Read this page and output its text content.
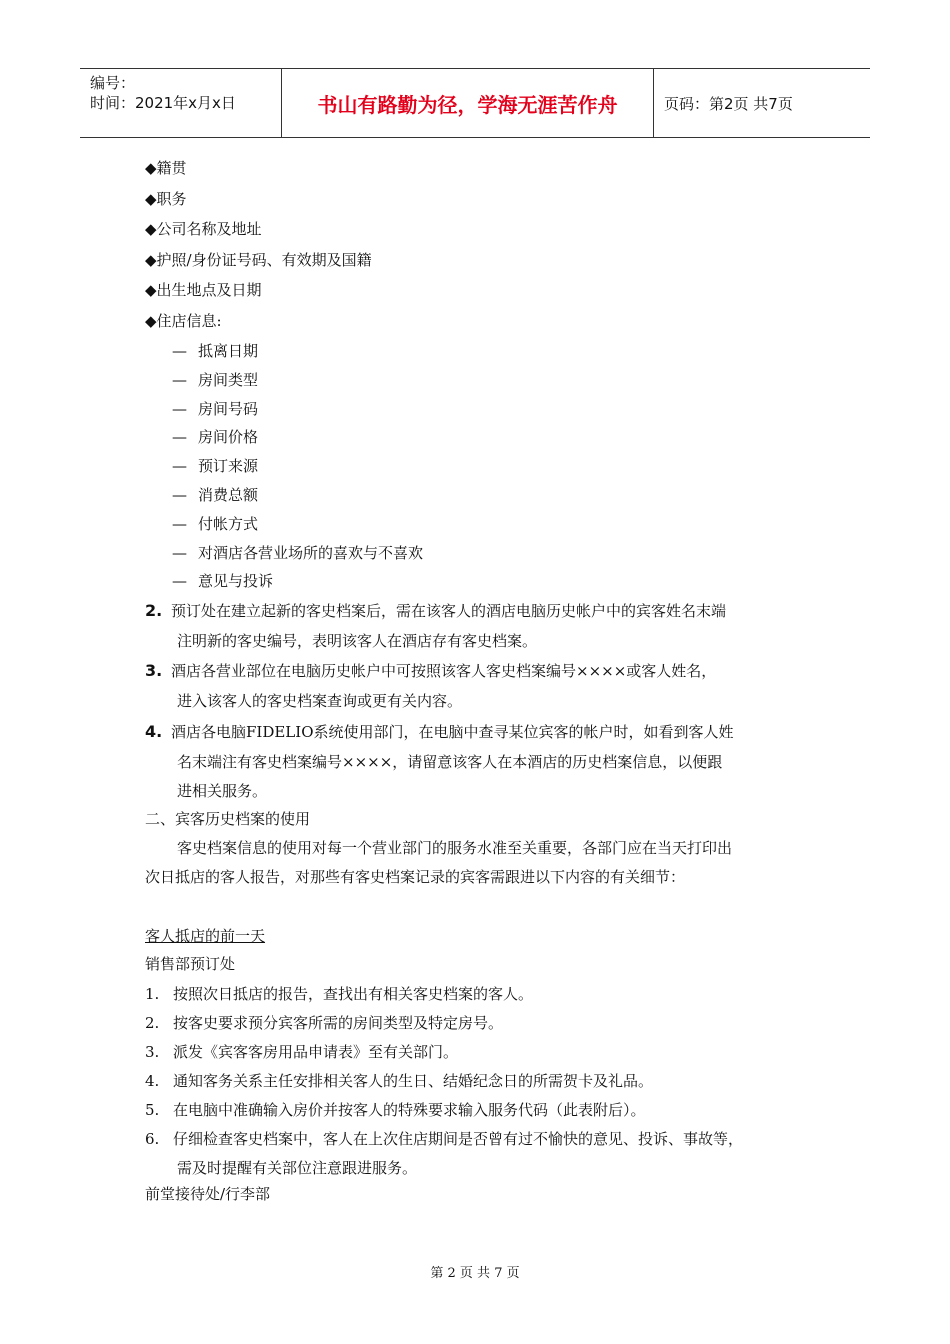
编号：
时间：2021年x月x日	书山有路勤为径，学海无涯苦作舟	页码：第2页 共7页
◆籍贯
◆职务
◆公司名称及地址
◆护照/身份证号码、有效期及国籍
◆出生地点及日期
◆住店信息:
— 抵离日期
— 房间类型
— 房间号码
— 房间价格
— 预订来源
— 消费总额
— 付帐方式
— 对酒店各营业场所的喜欢与不喜欢
— 意见与投诉
2. 预订处在建立起新的客史档案后，需在该客人的酒店电脑历史帐户中的宾客姓名末端
注明新的客史编号，表明该客人在酒店存有客史档案。
3. 酒店各营业部位在电脑历史帐户中可按照该客人客史档案编号××××或客人姓名，
进入该客人的客史档案查询或更有关内容。
4. 酒店各电脑FIDELIO系统使用部门，在电脑中查寻某位宾客的帐户时，如看到客人姓
名末端注有客史档案编号××××，请留意该客人在本酒店的历史档案信息，以便跟
进相关服务。
二、宾客历史档案的使用
客史档案信息的使用对每一个营业部门的服务水准至关重要，各部门应在当天打印出
次日抵店的客人报告，对那些有客史档案记录的宾客需跟进以下内容的有关细节：
客人抵店的前一天
销售部预订处
1. 按照次日抵店的报告，查找出有相关客史档案的客人。
2. 按客史要求预分宾客所需的房间类型及特定房号。
3. 派发《宾客客房用品申请表》至有关部门。
4. 通知客务关系主任安排相关客人的生日、结婚纪念日的所需贺卡及礼品。
5. 在电脑中准确输入房价并按客人的特殊要求输入服务代码（此表附后）。
6. 仔细检查客史档案中，客人在上次住店期间是否曾有过不愉快的意见、投诉、事故等，
需及时提醒有关部位注意跟进服务。
前堂接待处/行李部
第 2 页 共 7 页
